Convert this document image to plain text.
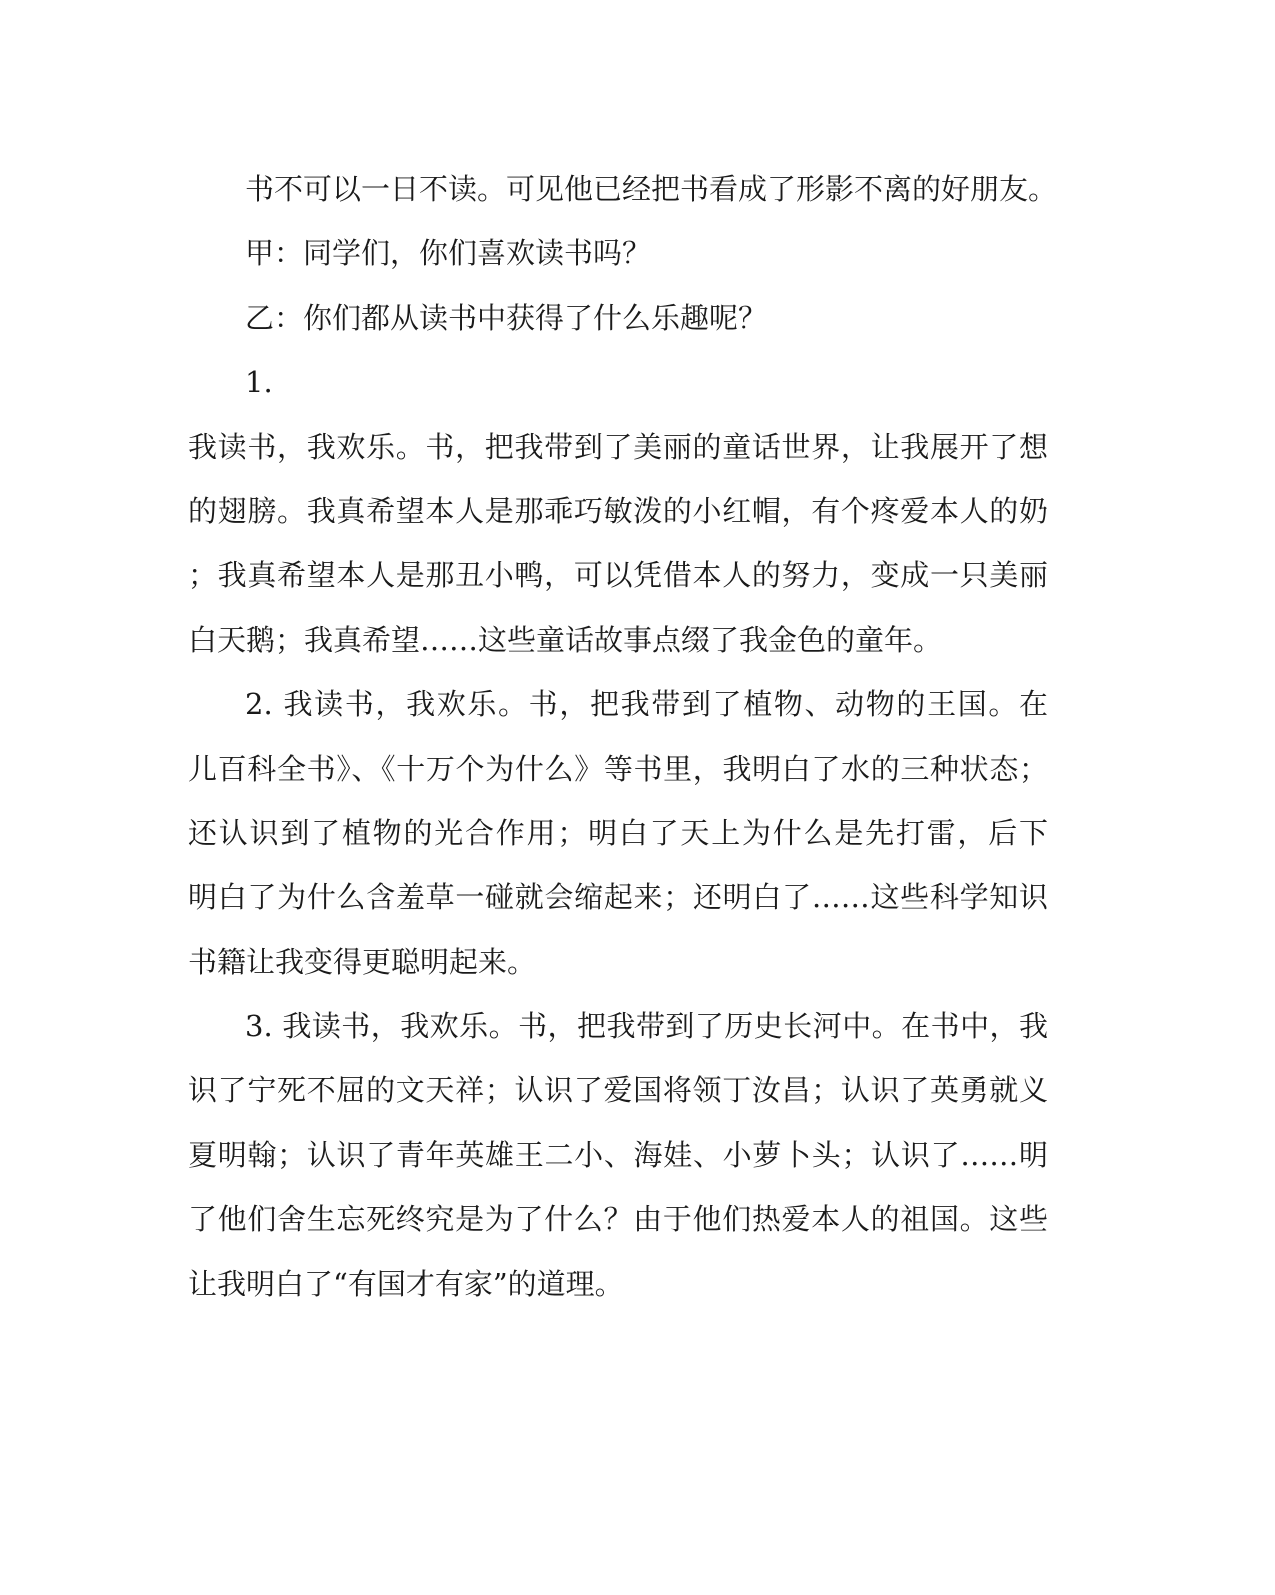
书不可以一日不读。可见他已经把书看成了形影不离的好朋友。
甲：同学们，你们喜欢读书吗？
乙：你们都从读书中获得了什么乐趣呢？
1.
我读书，我欢乐。书，把我带到了美丽的童话世界，让我展开了想
的翅膀。我真希望本人是那乖巧敏泼的小红帽，有个疼爱本人的奶
；我真希望本人是那丑小鸭，可以凭借本人的努力，变成一只美丽
白天鹅；我真希望……这些童话故事点缀了我金色的童年。
2. 我读书，我欢乐。书，把我带到了植物、动物的王国。在
儿百科全书》、《十万个为什么》等书里，我明白了水的三种状态；
还认识到了植物的光合作用；明白了天上为什么是先打雷，后下
明白了为什么含羞草一碰就会缩起来；还明白了……这些科学知识
书籍让我变得更聪明起来。
3. 我读书，我欢乐。书，把我带到了历史长河中。在书中，我
识了宁死不屈的文天祥；认识了爱国将领丁汝昌；认识了英勇就义
夏明翰；认识了青年英雄王二小、海娃、小萝卜头；认识了……明
了他们舍生忘死终究是为了什么？由于他们热爱本人的祖国。这些
让我明白了“有国才有家”的道理。
